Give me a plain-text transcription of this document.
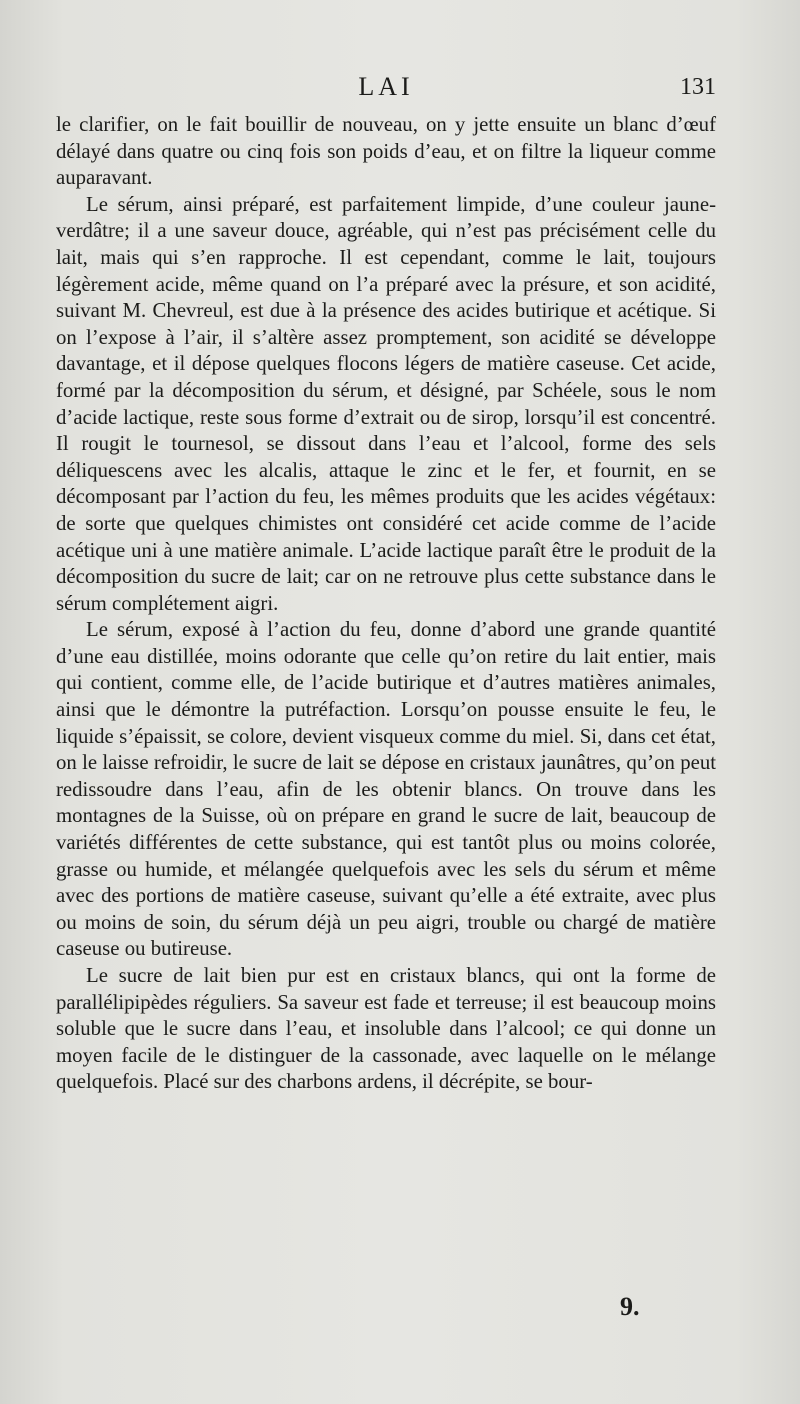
LAI	131

le clarifier, on le fait bouillir de nouveau, on y jette ensuite un blanc d’œuf délayé dans quatre ou cinq fois son poids d’eau, et on filtre la liqueur comme auparavant.

Le sérum, ainsi préparé, est parfaitement limpide, d’une couleur jaune-verdâtre; il a une saveur douce, agréable, qui n’est pas précisément celle du lait, mais qui s’en rapproche. Il est cependant, comme le lait, toujours légèrement acide, même quand on l’a préparé avec la présure, et son acidité, suivant M. Chevreul, est due à la présence des acides butirique et acétique. Si on l’expose à l’air, il s’altère assez promptement, son acidité se développe davantage, et il dépose quelques flocons légers de matière caseuse. Cet acide, formé par la décomposition du sérum, et désigné, par Schéele, sous le nom d’acide lactique, reste sous forme d’extrait ou de sirop, lorsqu’il est concentré. Il rougit le tournesol, se dissout dans l’eau et l’alcool, forme des sels déliquescens avec les alcalis, attaque le zinc et le fer, et fournit, en se décomposant par l’action du feu, les mêmes produits que les acides végétaux: de sorte que quelques chimistes ont considéré cet acide comme de l’acide acétique uni à une matière animale. L’acide lactique paraît être le produit de la décomposition du sucre de lait; car on ne retrouve plus cette substance dans le sérum complétement aigri.

Le sérum, exposé à l’action du feu, donne d’abord une grande quantité d’une eau distillée, moins odorante que celle qu’on retire du lait entier, mais qui contient, comme elle, de l’acide butirique et d’autres matières animales, ainsi que le démontre la putréfaction. Lorsqu’on pousse ensuite le feu, le liquide s’épaissit, se colore, devient visqueux comme du miel. Si, dans cet état, on le laisse refroidir, le sucre de lait se dépose en cristaux jaunâtres, qu’on peut redissoudre dans l’eau, afin de les obtenir blancs. On trouve dans les montagnes de la Suisse, où on prépare en grand le sucre de lait, beaucoup de variétés différentes de cette substance, qui est tantôt plus ou moins colorée, grasse ou humide, et mélangée quelquefois avec les sels du sérum et même avec des portions de matière caseuse, suivant qu’elle a été extraite, avec plus ou moins de soin, du sérum déjà un peu aigri, trouble ou chargé de matière caseuse ou butireuse.

Le sucre de lait bien pur est en cristaux blancs, qui ont la forme de parallélipipèdes réguliers. Sa saveur est fade et terreuse; il est beaucoup moins soluble que le sucre dans l’eau, et insoluble dans l’alcool; ce qui donne un moyen facile de le distinguer de la cassonade, avec laquelle on le mélange quelquefois. Placé sur des charbons ardens, il décrépite, se bour-

9.
